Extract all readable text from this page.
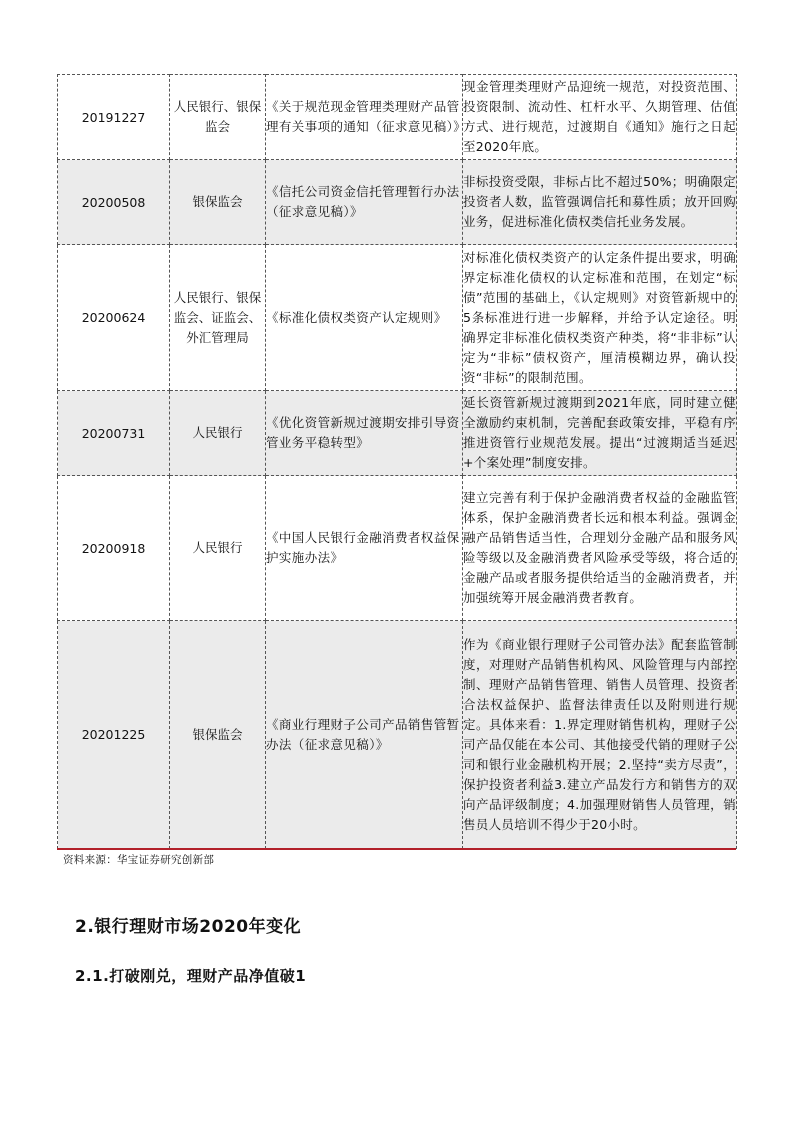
20191227	人民银行、银保监会	《关于规范现金管理类理财产品管理有关事项的通知（征求意见稿）》	现金管理类理财产品迎统一规范，对投资范围、投资限制、流动性、杠杆水平、久期管理、估值方式、进行规范，过渡期自《通知》施行之日起至2020年底。
20200508	银保监会	《信托公司资金信托管理暂行办法（征求意见稿）》	非标投资受限，非标占比不超过50%；明确限定投资者人数，监管强调信托和募性质；放开回购业务，促进标准化债权类信托业务发展。
20200624	人民银行、银保监会、证监会、外汇管理局	《标准化债权类资产认定规则》	对标准化债权类资产的认定条件提出要求，明确界定标准化债权的认定标准和范围，在划定“标债”范围的基础上，《认定规则》对资管新规中的5条标准进行进一步解释，并给予认定途径。明确界定非标准化债权类资产种类，将“非非标”认定为“非标”债权资产，厘清模糊边界，确认投资“非标”的限制范围。
20200731	人民银行	《优化资管新规过渡期安排引导资管业务平稳转型》	延长资管新规过渡期到2021年底，同时建立健全激励约束机制，完善配套政策安排，平稳有序推进资管行业规范发展。提出“过渡期适当延迟+个案处理”制度安排。
20200918	人民银行	《中国人民银行金融消费者权益保护实施办法》	建立完善有利于保护金融消费者权益的金融监管体系，保护金融消费者长远和根本利益。强调金融产品销售适当性，合理划分金融产品和服务风险等级以及金融消费者风险承受等级，将合适的金融产品或者服务提供给适当的金融消费者，并加强统筹开展金融消费者教育。
20201225	银保监会	《商业行理财子公司产品销售管暂办法（征求意见稿）》	作为《商业银行理财子公司管办法》配套监管制度，对理财产品销售机构风、风险管理与内部控制、理财产品销售管理、销售人员管理、投资者合法权益保护、监督法律责任以及附则进行规定。具体来看：1.界定理财销售机构，理财子公司产品仅能在本公司、其他接受代销的理财子公司和银行业金融机构开展；2.坚持“卖方尽责”，保护投资者利益3.建立产品发行方和销售方的双向产品评级制度；4.加强理财销售人员管理，销售员人员培训不得少于20小时。
资料来源：华宝证券研究创新部
2.银行理财市场2020年变化
2.1.打破刚兑，理财产品净值破1
